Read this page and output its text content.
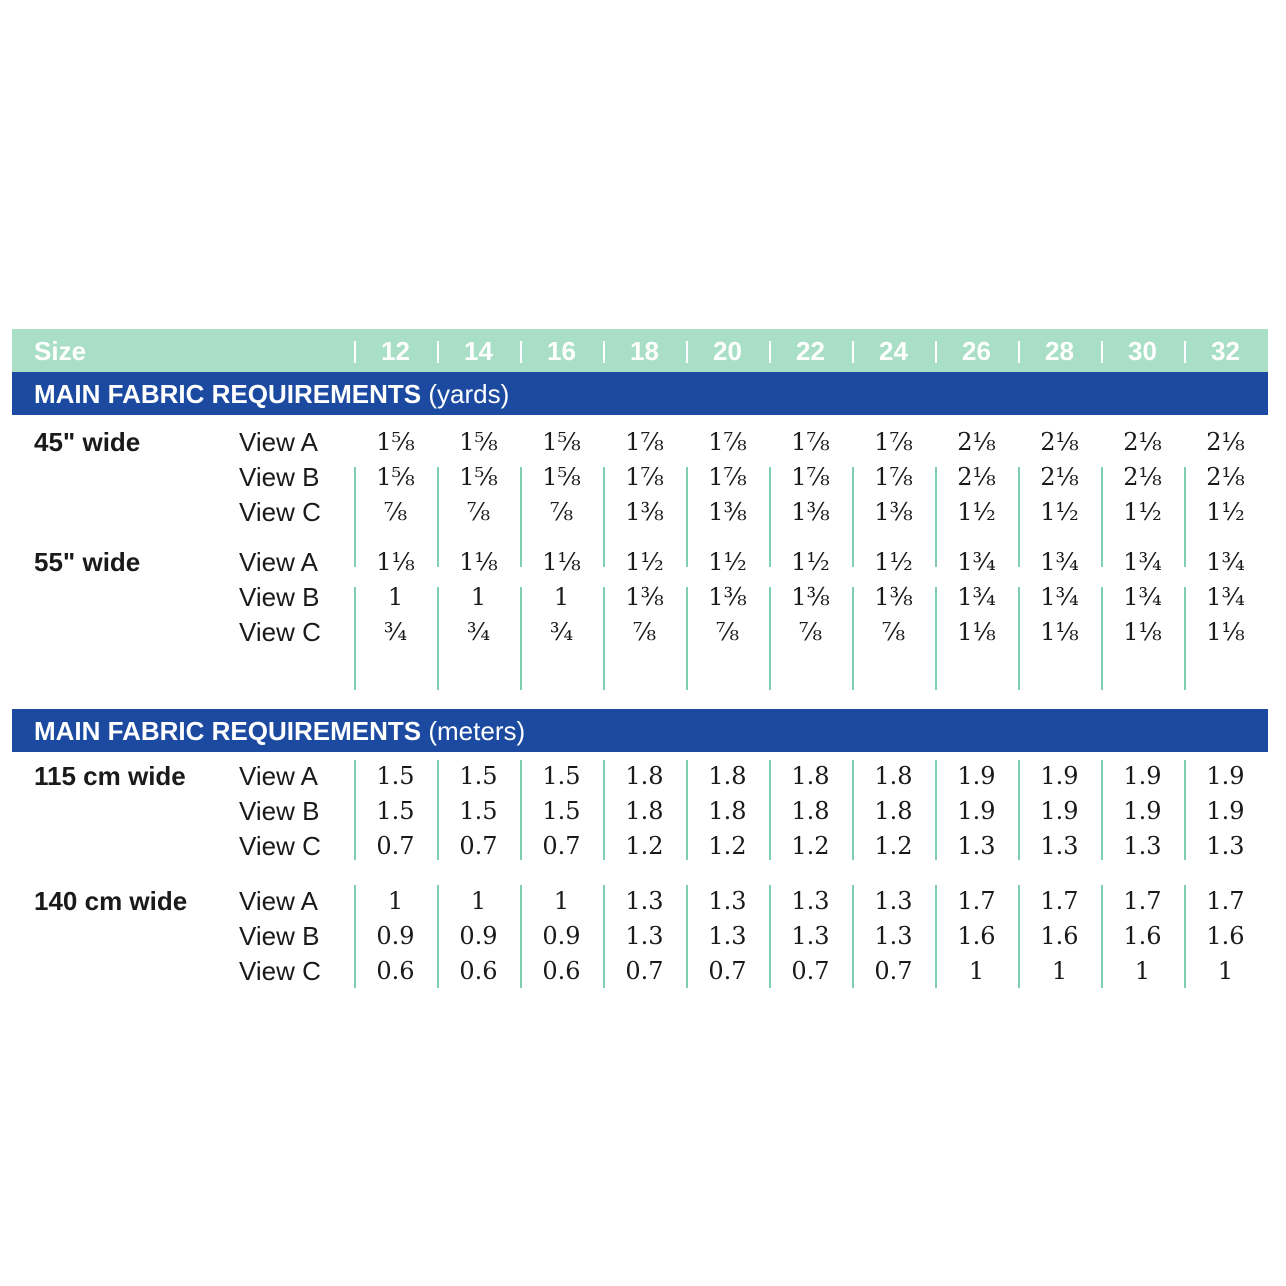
Size	12	14	16	18	20	22	24	26	28	30	32
MAIN FABRIC REQUIREMENTS (yards)
45" wide	View A	1⅝	1⅝	1⅝	1⅞	1⅞	1⅞	1⅞	2⅛	2⅛	2⅛	2⅛
View B	1⅝	1⅝	1⅝	1⅞	1⅞	1⅞	1⅞	2⅛	2⅛	2⅛	2⅛
View C	⅞	⅞	⅞	1⅜	1⅜	1⅜	1⅜	1½	1½	1½	1½
55" wide	View A	1⅛	1⅛	1⅛	1½	1½	1½	1½	1¾	1¾	1¾	1¾
View B	1	1	1	1⅜	1⅜	1⅜	1⅜	1¾	1¾	1¾	1¾
View C	¾	¾	¾	⅞	⅞	⅞	⅞	1⅛	1⅛	1⅛	1⅛
MAIN FABRIC REQUIREMENTS (meters)
115 cm wide View A	1.5	1.5	1.5	1.8	1.8	1.8	1.8	1.9	1.9	1.9	1.9
View B	1.5	1.5	1.5	1.8	1.8	1.8	1.8	1.9	1.9	1.9	1.9
View C	0.7	0.7	0.7	1.2	1.2	1.2	1.2	1.3	1.3	1.3	1.3
140 cm wide View A	1	1	1	1.3	1.3	1.3	1.3	1.7	1.7	1.7	1.7
View B	0.9	0.9	0.9	1.3	1.3	1.3	1.3	1.6	1.6	1.6	1.6
View C	0.6	0.6	0.6	0.7	0.7	0.7	0.7	1	1	1	1
